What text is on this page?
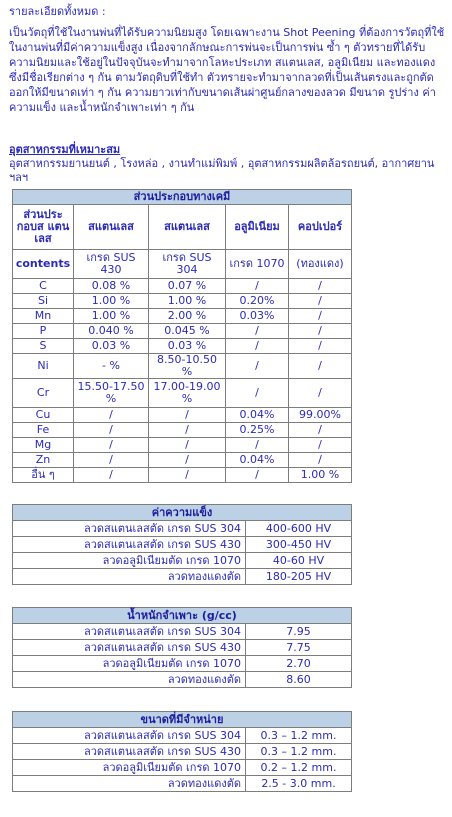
รายละเอียดทั้งหมด :
เป็นวัตถุที่ใช้ในงานพ่นที่ได้รับความนิยมสูง โดยเฉพาะงาน Shot Peening ที่ต้องการวัตถุที่ใช้ในงานพ่นที่มีค่าความแข็งสูง เนื่องจากลักษณะการพ่นจะเป็นการพ่น ซ้ำ ๆ ตัวทรายที่ได้รับความนิยมและใช้อยู่ในปัจจุบันจะทำมาจากโลหะประเภท สแตนเลส, อลูมิเนียม และทองแดง ซึ่งมีชื่อเรียกต่าง ๆ กัน ตามวัตถุดิบที่ใช้ทำ ตัวทรายจะทำมาจากลวดที่เป็นเส้นตรงและถูกตัดออกให้มีขนาดเท่า ๆ กัน ความยาวเท่ากับขนาดเส้นผ่าศูนย์กลางของลวด มีขนาด รูปร่าง ค่าความแข็ง และน้ำหนักจำเพาะเท่า ๆ กัน
อุตสาหกรรมที่เหมาะสม
อุตสาหกรรมยานยนต์ , โรงหล่อ , งานทำแม่พิมพ์ , อุตสาหกรรมผลิตล้อรถยนต์, อากาศยาน ฯลฯ
ส่วนประกอบทางเคมี				
ส่วนประกอบส แตนเลส	สแตนเลส	สแตนเลส	อลูมิเนียม	คอปเปอร์
contents	เกรด SUS 430	เกรด SUS 304	เกรด 1070	(ทองแดง)
C	0.08 %	0.07 %	/	/
Si	1.00 %	1.00 %	0.20%	/
Mn	1.00 %	2.00 %	0.03%	/
P	0.040 %	0.045 %	/	/
S	0.03 %	0.03 %	/	/
Ni	- %	8.50-10.50 %	/	/
Cr	15.50-17.50 %	17.00-19.00 %	/	/
Cu	/	/	0.04%	99.00%
Fe	/	/	0.25%	/
Mg	/	/	/	/
Zn	/	/	0.04%	/
อื่น ๆ	/	/	/	1.00 %
ค่าความแข็ง	
ลวดสแตนเลสตัด เกรด SUS 304	400-600 HV
ลวดสแตนเลสตัด เกรด SUS 430	300-450 HV
ลวดอลูมิเนียมตัด เกรด 1070	40-60 HV
ลวดทองแดงตัด	180-205 HV
น้ำหนักจำเพาะ (g/cc)	
ลวดสแตนเลสตัด เกรด SUS 304	7.95
ลวดสแตนเลสตัด เกรด SUS 430	7.75
ลวดอลูมิเนียมตัด เกรด 1070	2.70
ลวดทองแดงตัด	8.60
ขนาดที่มีจำหน่าย	
ลวดสแตนเลสตัด เกรด SUS 304	0.3 – 1.2 mm.
ลวดสแตนเลสตัด เกรด SUS 430	0.3 – 1.2 mm.
ลวดอลูมิเนียมตัด เกรด 1070	0.2 – 1.2 mm.
ลวดทองแดงตัด	2.5 - 3.0 mm.
